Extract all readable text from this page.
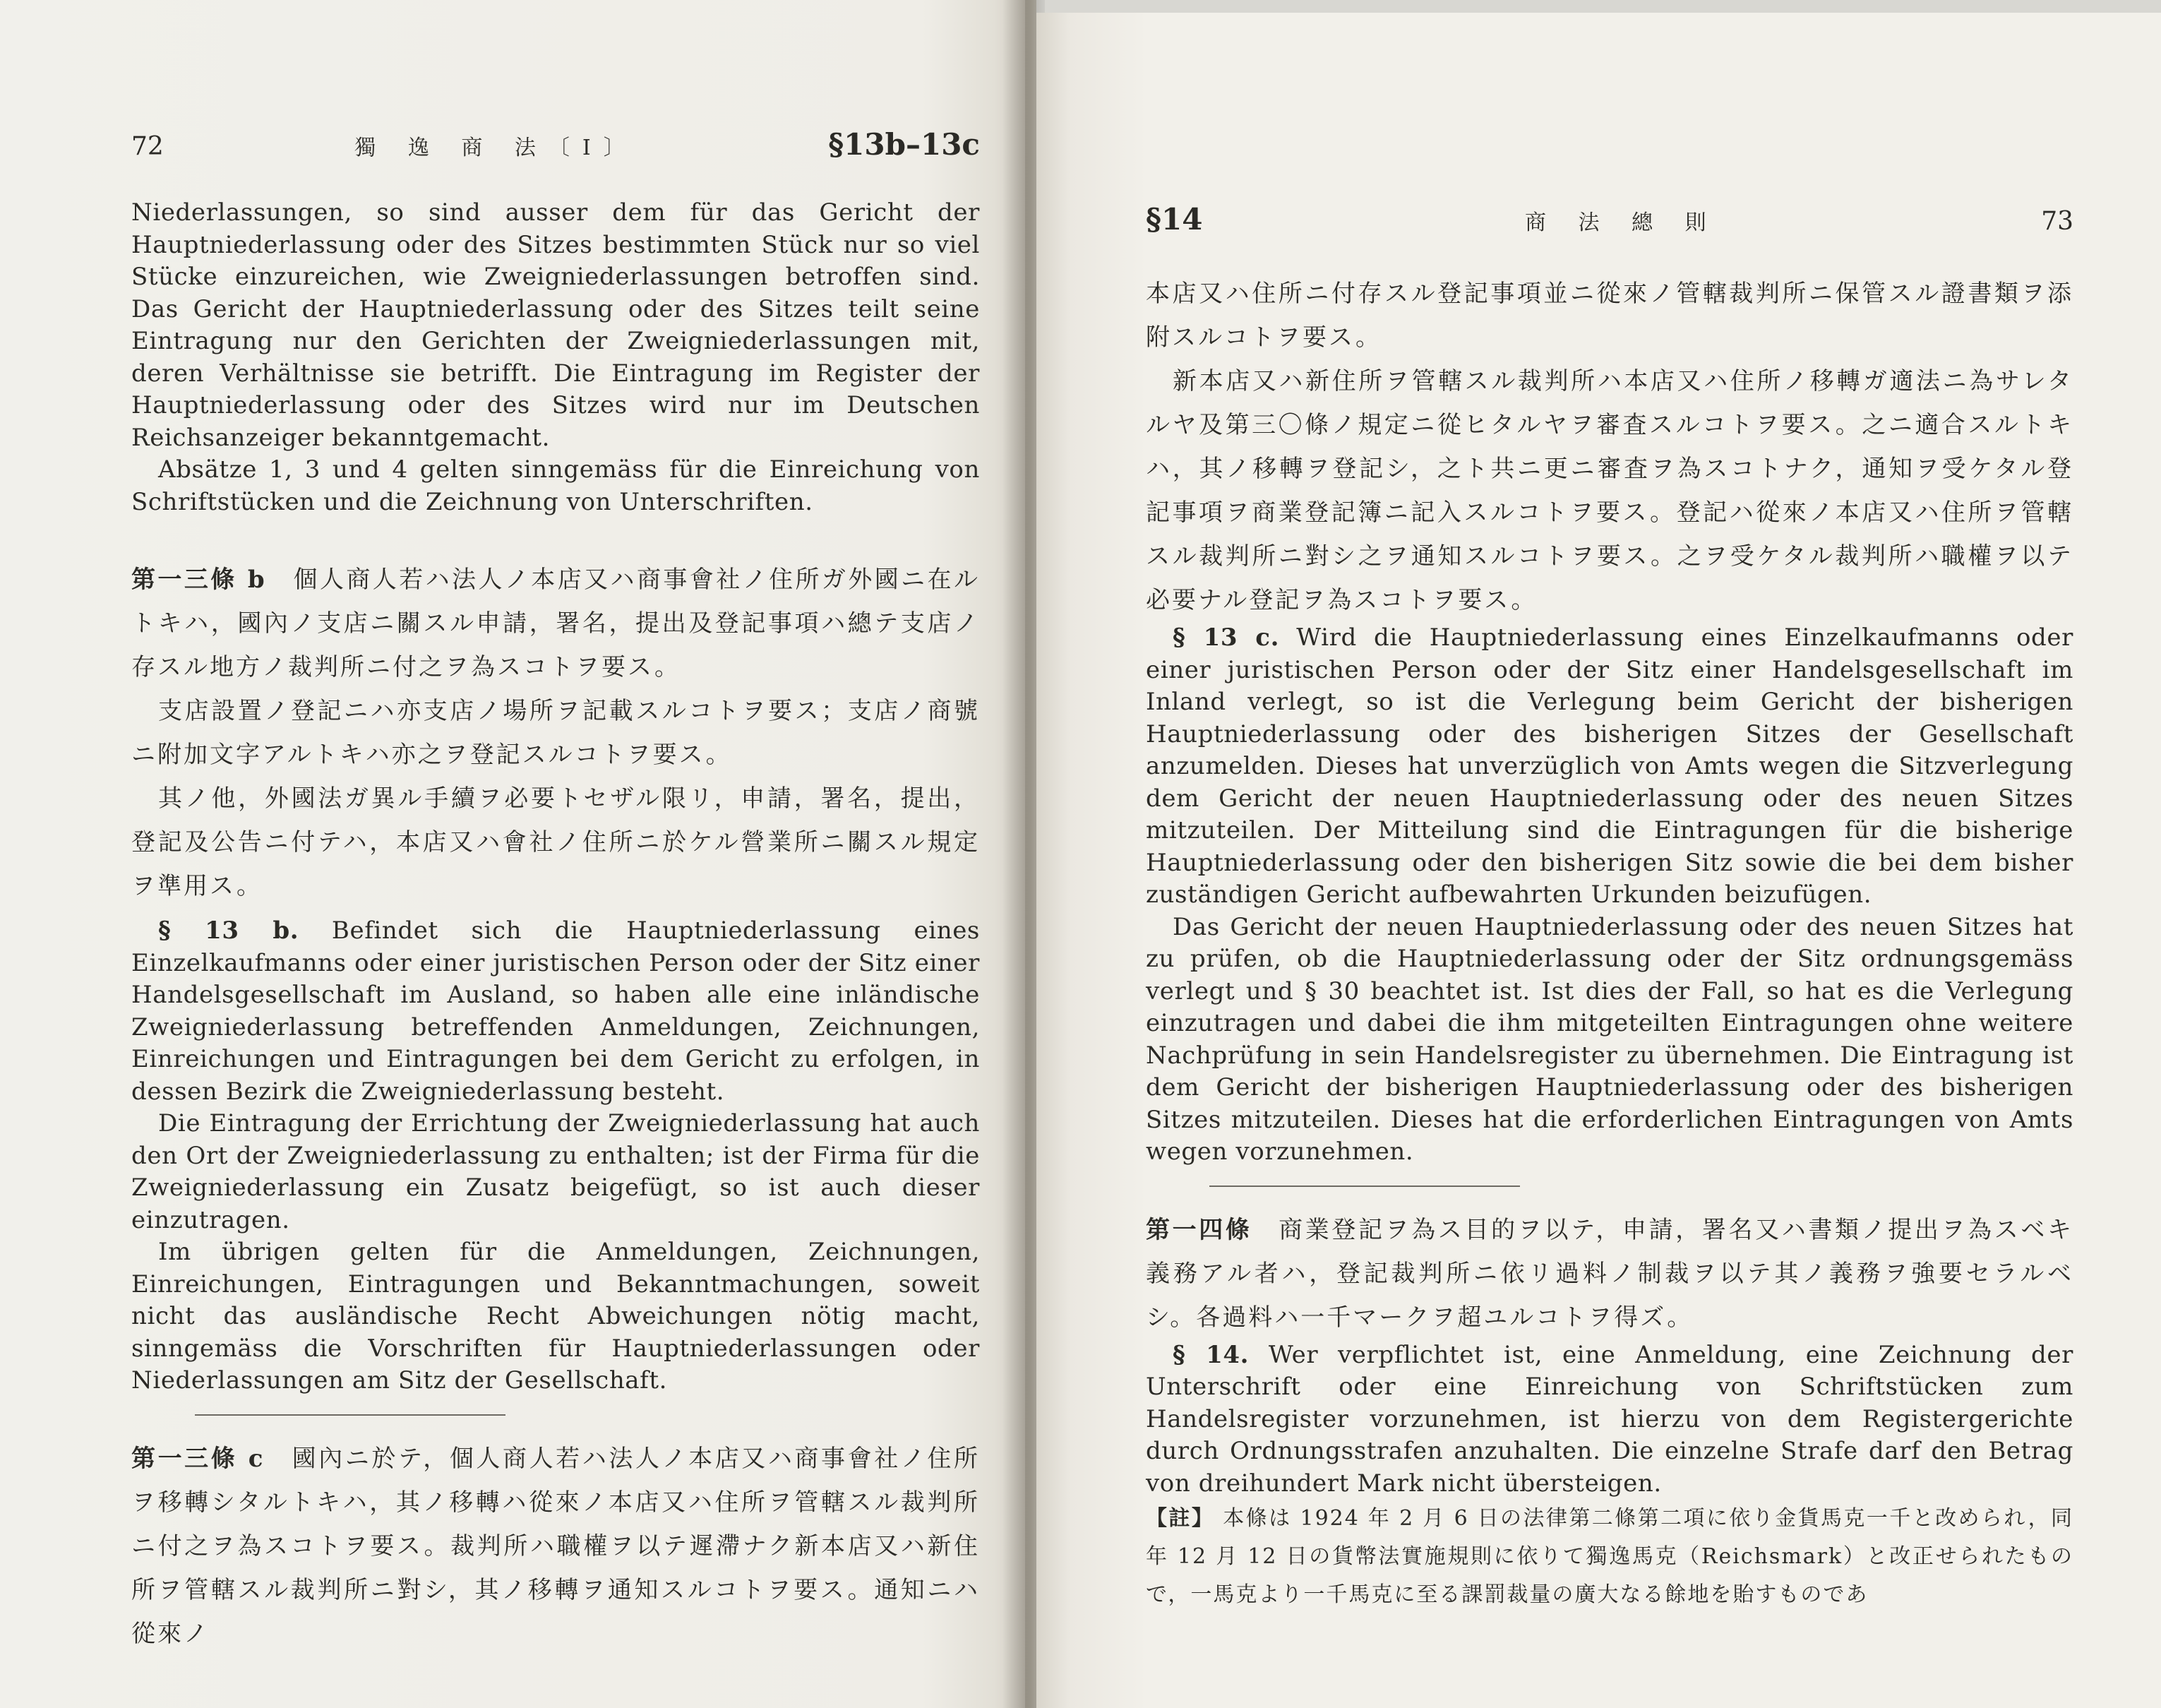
72	獨 逸 商 法〔I〕	§13b–13c

Niederlassungen, so sind ausser dem für das Gericht der Hauptniederlassung oder des Sitzes bestimmten Stück nur so viel Stücke einzureichen, wie Zweigniederlassungen betroffen sind. Das Gericht der Hauptniederlassung oder des Sitzes teilt seine Eintragung nur den Gerichten der Zweigniederlassungen mit, deren Verhältnisse sie betrifft. Die Eintragung im Register der Hauptniederlassung oder des Sitzes wird nur im Deutschen Reichsanzeiger bekanntgemacht.

Absätze 1, 3 und 4 gelten sinngemäss für die Einreichung von Schriftstücken und die Zeichnung von Unterschriften.

第一三條 b　 個人商人若ハ法人ノ本店又ハ商事會社ノ住所ガ外國ニ在ルトキハ，國內ノ支店ニ關スル申請，署名，提出及登記事項ハ總テ支店ノ存スル地方ノ裁判所ニ付之ヲ為スコトヲ要ス。

支店設置ノ登記ニハ亦支店ノ場所ヲ記載スルコトヲ要ス；支店ノ商號ニ附加文字アルトキハ亦之ヲ登記スルコトヲ要ス。

其ノ他，外國法ガ異ル手續ヲ必要トセザル限リ，申請，署名，提出，登記及公告ニ付テハ，本店又ハ會社ノ住所ニ於ケル營業所ニ關スル規定ヲ準用ス。

§ 13 b. Befindet sich die Hauptniederlassung eines Einzelkaufmanns oder einer juristischen Person oder der Sitz einer Handelsgesellschaft im Ausland, so haben alle eine inländische Zweigniederlassung betreffenden Anmeldungen, Zeichnungen, Einreichungen und Eintragungen bei dem Gericht zu erfolgen, in dessen Bezirk die Zweigniederlassung besteht.

Die Eintragung der Errichtung der Zweigniederlassung hat auch den Ort der Zweigniederlassung zu enthalten; ist der Firma für die Zweigniederlassung ein Zusatz beigefügt, so ist auch dieser einzutragen.

Im übrigen gelten für die Anmeldungen, Zeichnungen, Einreichungen, Eintragungen und Bekanntmachungen, soweit nicht das ausländische Recht Abweichungen nötig macht, sinngemäss die Vorschriften für Hauptniederlassungen oder Niederlassungen am Sitz der Gesellschaft.

第一三條 c　 國內ニ於テ，個人商人若ハ法人ノ本店又ハ商事會社ノ住所ヲ移轉シタルトキハ，其ノ移轉ハ從來ノ本店又ハ住所ヲ管轄スル裁判所ニ付之ヲ為スコトヲ要ス。裁判所ハ職權ヲ以テ遲滯ナク新本店又ハ新住所ヲ管轄スル裁判所ニ對シ，其ノ移轉ヲ通知スルコトヲ要ス。通知ニハ從來ノ

§14	商 法 總 則	73

本店又ハ住所ニ付存スル登記事項並ニ從來ノ管轄裁判所ニ保管スル證書類ヲ添附スルコトヲ要ス。

新本店又ハ新住所ヲ管轄スル裁判所ハ本店又ハ住所ノ移轉ガ適法ニ為サレタルヤ及第三〇條ノ規定ニ從ヒタルヤヲ審査スルコトヲ要ス。之ニ適合スルトキハ，其ノ移轉ヲ登記シ，之ト共ニ更ニ審査ヲ為スコトナク，通知ヲ受ケタル登記事項ヲ商業登記簿ニ記入スルコトヲ要ス。登記ハ從來ノ本店又ハ住所ヲ管轄スル裁判所ニ對シ之ヲ通知スルコトヲ要ス。之ヲ受ケタル裁判所ハ職權ヲ以テ必要ナル登記ヲ為スコトヲ要ス。

§ 13 c. Wird die Hauptniederlassung eines Einzelkaufmanns oder einer juristischen Person oder der Sitz einer Handelsgesellschaft im Inland verlegt, so ist die Verlegung beim Gericht der bisherigen Hauptniederlassung oder des bisherigen Sitzes der Gesellschaft anzumelden. Dieses hat unverzüglich von Amts wegen die Sitzverlegung dem Gericht der neuen Hauptniederlassung oder des neuen Sitzes mitzuteilen. Der Mitteilung sind die Eintragungen für die bisherige Hauptniederlassung oder den bisherigen Sitz sowie die bei dem bisher zuständigen Gericht aufbewahrten Urkunden beizufügen.

Das Gericht der neuen Hauptniederlassung oder des neuen Sitzes hat zu prüfen, ob die Hauptniederlassung oder der Sitz ordnungsgemäss verlegt und § 30 beachtet ist. Ist dies der Fall, so hat es die Verlegung einzutragen und dabei die ihm mitgeteilten Eintragungen ohne weitere Nachprüfung in sein Handelsregister zu übernehmen. Die Eintragung ist dem Gericht der bisherigen Hauptniederlassung oder des bisherigen Sitzes mitzuteilen. Dieses hat die erforderlichen Eintragungen von Amts wegen vorzunehmen.

第一四條　 商業登記ヲ為ス目的ヲ以テ，申請，署名又ハ書類ノ提出ヲ為スベキ義務アル者ハ，登記裁判所ニ依リ過料ノ制裁ヲ以テ其ノ義務ヲ強要セラルベシ。各過料ハ一千マークヲ超ユルコトヲ得ズ。

§ 14. Wer verpflichtet ist, eine Anmeldung, eine Zeichnung der Unterschrift oder eine Einreichung von Schriftstücken zum Handelsregister vorzunehmen, ist hierzu von dem Registergerichte durch Ordnungsstrafen anzuhalten. Die einzelne Strafe darf den Betrag von dreihundert Mark nicht übersteigen.

【註】 本條は 1924 年 2 月 6 日の法律第二條第二項に依り金貨馬克一千と改められ，同年 12 月 12 日の貨幣法實施規則に依りて獨逸馬克（Reichsmark）と改正せられたもので，一馬克より一千馬克に至る課罰裁量の廣大なる餘地を貽すものであ
